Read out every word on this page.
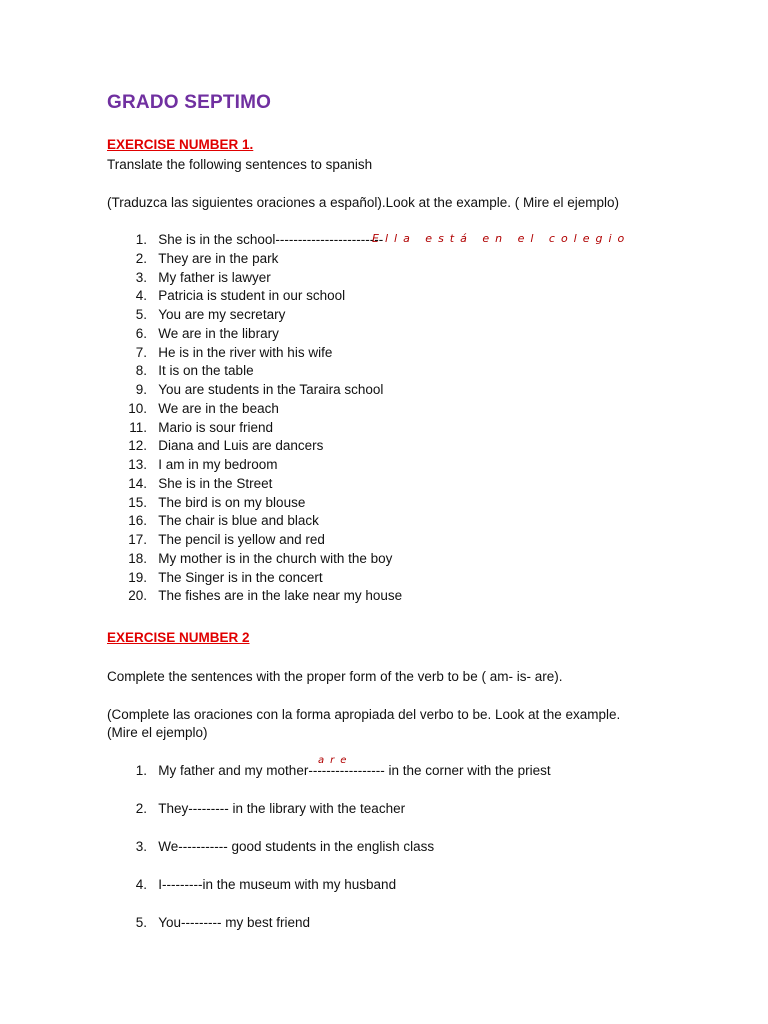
GRADO SEPTIMO
EXERCISE NUMBER 1.
Translate the following sentences to spanish
(Traduzca las siguientes oraciones a español).Look at the example. ( Mire el ejemplo)
1. She is in the school------------------------
2. They are in the park
3. My father is lawyer
4. Patricia is student in our school
5. You are my secretary
6. We are in the library
7. He is in the river with his wife
8. It is on the table
9. You are students in the Taraira school
10. We are in the beach
11. Mario is sour friend
12. Diana and Luis are dancers
13. I am in my bedroom
14. She is in the Street
15. The bird is on my blouse
16. The chair is blue and black
17. The pencil is yellow and red
18. My mother is in the church with the boy
19. The Singer is in the concert
20. The fishes are in the lake near my house
Ella está en el colegio
EXERCISE NUMBER 2
Complete the sentences with the proper form of the verb to be ( am- is- are).
(Complete las oraciones con la forma apropiada del verbo to be. Look at the example. (Mire el ejemplo)
1. My father and my mother----------------- in the corner with the priest
2. They--------- in the library with the teacher
3. We----------- good students in the english class
4. I---------in the museum with my husband
5. You--------- my best friend
are
